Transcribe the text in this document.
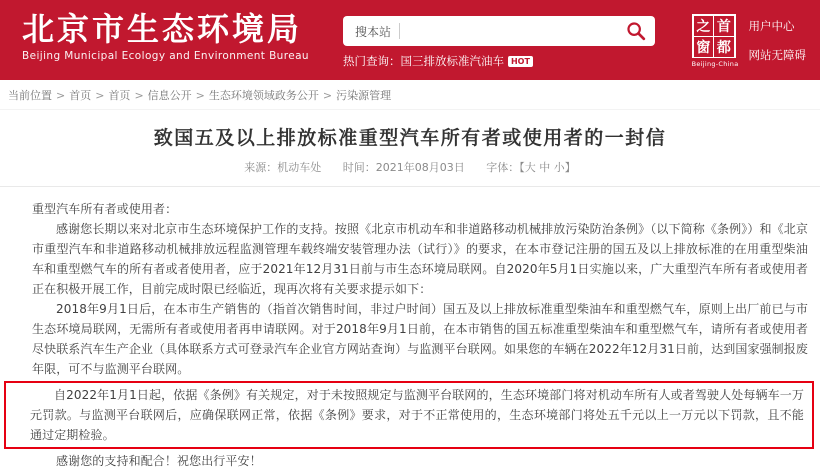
北京市生态环境局
Beijing Municipal Ecology and Environment Bureau
搜本站
热门查询： 国三排放标准汽油车 HOT
之 首
窗 都
Beijing-China
用户中心
网站无障碍
当前位置 > 首页 > 首页 > 信息公开 > 生态环境领域政务公开 > 污染源管理
致国五及以上排放标准重型汽车所有者或使用者的一封信
来源：机动车处 时间：2021年08月03日 字体：【大 中 小】

重型汽车所有者或使用者：

感谢您长期以来对北京市生态环境保护工作的支持。按照《北京市机动车和非道路移动机械排放污染防治条例》（以下简称《条例》）和《北京市重型汽车和非道路移动机械排放远程监测管理车载终端安装管理办法（试行）》的要求，在本市登记注册的国五及以上排放标准的在用重型柴油车和重型燃气车的所有者或者使用者，应于2021年12月31日前与市生态环境局联网。自2020年5月1日实施以来，广大重型汽车所有者或使用者正在积极开展工作，目前完成时限已经临近，现再次将有关要求提示如下：

2018年9月1日后，在本市生产销售的（指首次销售时间，非过户时间）国五及以上排放标准重型柴油车和重型燃气车，原则上出厂前已与市生态环境局联网，无需所有者或使用者再申请联网。对于2018年9月1日前，在本市销售的国五标准重型柴油车和重型燃气车，请所有者或使用者尽快联系汽车生产企业（具体联系方式可登录汽车企业官方网站查询）与监测平台联网。如果您的车辆在2022年12月31日前，达到国家强制报废年限，可不与监测平台联网。

自2022年1月1日起，依据《条例》有关规定，对于未按照规定与监测平台联网的，生态环境部门将对机动车所有人或者驾驶人处每辆车一万元罚款。与监测平台联网后，应确保联网正常，依据《条例》要求，对于不正常使用的，生态环境部门将处五千元以上一万元以下罚款，且不能通过定期检验。

感谢您的支持和配合！祝您出行平安！
